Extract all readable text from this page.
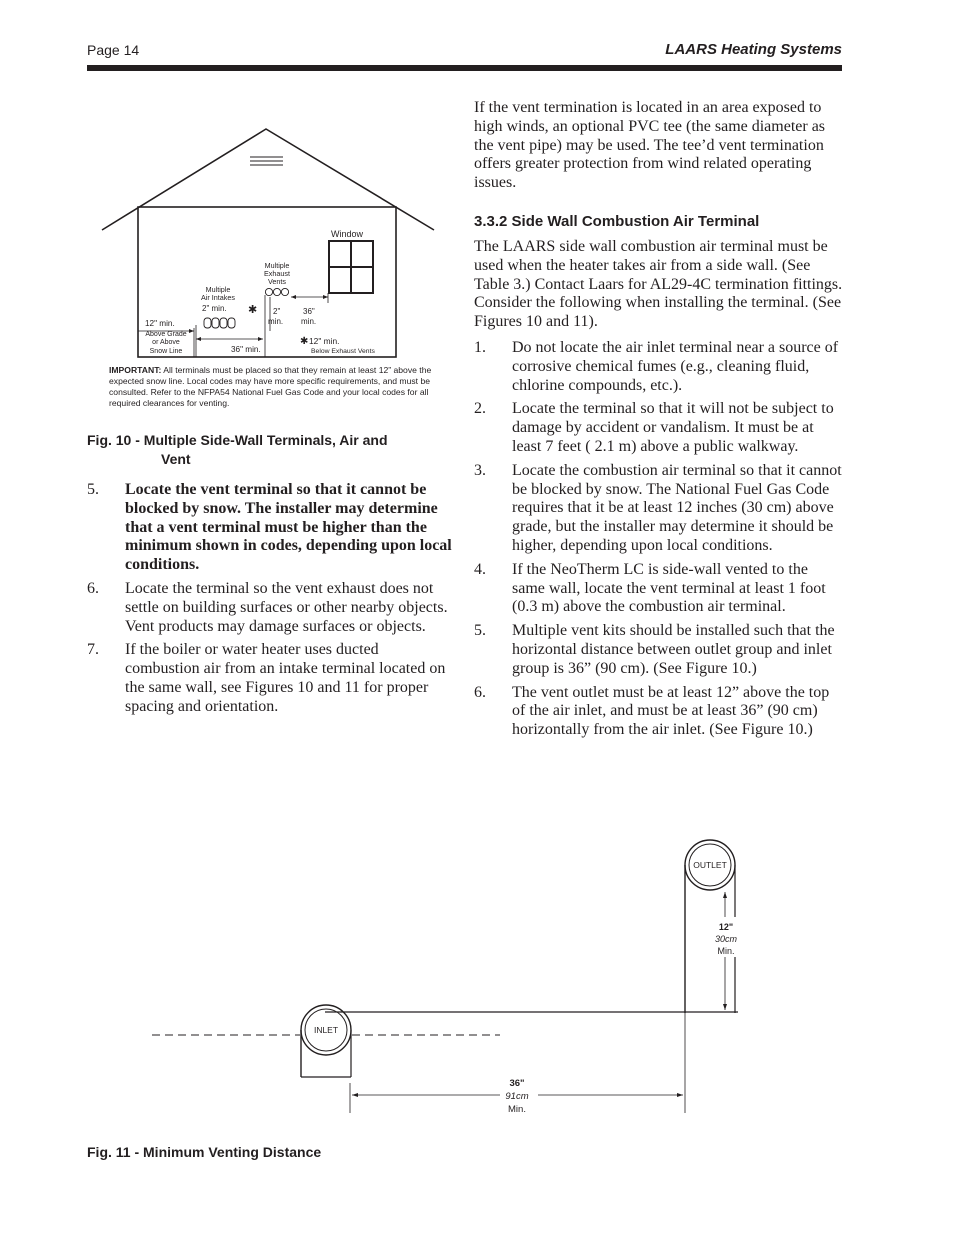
Page 14	LAARS Heating Systems
Window
Multiple
Exhaust
Vents
Multiple
Air Intakes
2" min. ✱ 2"
min.
36"
min.
12" min.
Above Grade
or Above
Snow Line	36" min.
✱ 12" min.
Below Exhaust Vents
IMPORTANT: All terminals must be placed so that they remain at least 12” above the expected snow line. Local codes may have more specific requirements, and must be consulted. Refer to the NFPA54 National Fuel Gas Code and your local codes for all required clearances for venting.
Fig. 10 - Multiple Side-Wall Terminals, Air and
Vent
5. Locate the vent terminal so that it cannot be blocked by snow. The installer may determine that a vent terminal must be higher than the minimum shown in codes, depending upon local conditions.
6. Locate the terminal so the vent exhaust does not settle on building surfaces or other nearby objects. Vent products may damage surfaces or objects.
7. If the boiler or water heater uses ducted combustion air from an intake terminal located on the same wall, see Figures 10 and 11 for proper spacing and orientation.

If the vent termination is located in an area exposed to high winds, an optional PVC tee (the same diameter as the vent pipe) may be used. The tee’d vent termination offers greater protection from wind related operating issues.

3.3.2 Side Wall Combustion Air Terminal

The LAARS side wall combustion air terminal must be used when the heater takes air from a side wall. (See Table 3.) Contact Laars for AL29-4C termination fittings. Consider the following when installing the terminal. (See Figures 10 and 11).

1. Do not locate the air inlet terminal near a source of corrosive chemical fumes (e.g., cleaning fluid, chlorine compounds, etc.).
2. Locate the terminal so that it will not be subject to damage by accident or vandalism. It must be at least 7 feet ( 2.1 m) above a public walkway.
3. Locate the combustion air terminal so that it cannot be blocked by snow. The National Fuel Gas Code requires that it be at least 12 inches (30 cm) above grade, but the installer may determine it should be higher, depending upon local conditions.
4. If the NeoTherm LC is side-wall vented to the same wall, locate the vent terminal at least 1 foot (0.3 m) above the combustion air terminal.
5. Multiple vent kits should be installed such that the horizontal distance between outlet group and inlet group is 36” (90 cm). (See Figure 10.)
6. The vent outlet must be at least 12” above the top of the air inlet, and must be at least 36” (90 cm) horizontally from the air inlet. (See Figure 10.)
OUTLET
12"
30cm
Min.
INLET
36"
91cm
Min.
Fig. 11 - Minimum Venting Distance
